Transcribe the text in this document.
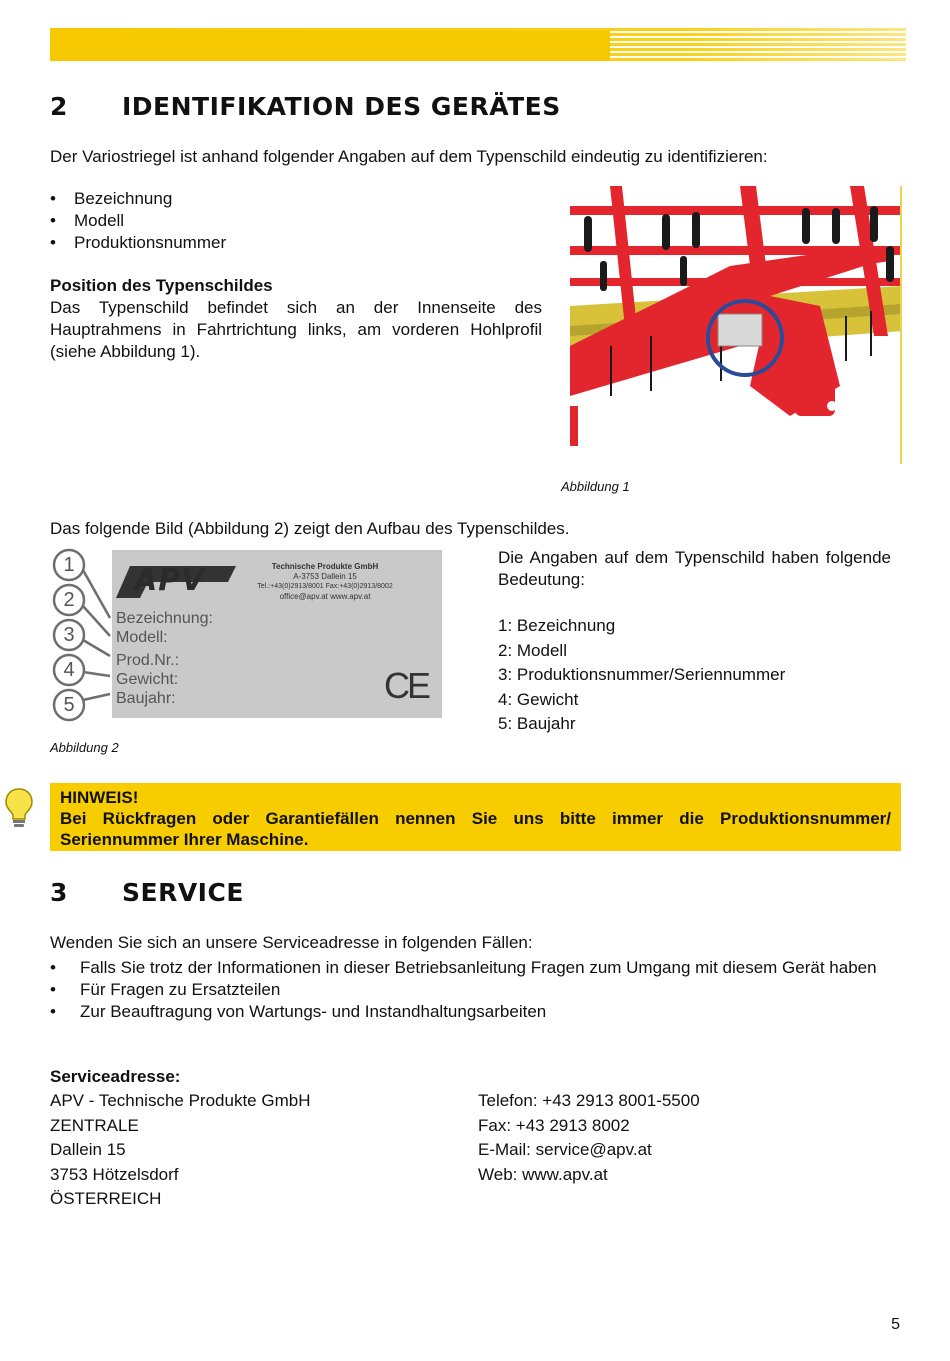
2 IDENTIFIKATION DES GERÄTES
Der Variostriegel ist anhand folgender Angaben auf dem Typenschild eindeutig zu identifizieren:
• Bezeichnung
• Modell
• Produktionsnummer
Position des Typenschildes
Das Typenschild befindet sich an der Innenseite des Hauptrahmens in Fahrtrichtung links, am vorderen Hohlprofil (siehe Abbildung 1).
Abbildung 1
Das folgende Bild (Abbildung 2) zeigt den Aufbau des Typenschildes.
1
2
3
4
5
APV	Technische Produkte GmbH
A-3753 Dallein 15
Tel.:+43(0)2913/8001 Fax:+43(0)2913/8002
office@apv.at www.apv.at
Bezeichnung:
Modell:
Prod.Nr.:
Gewicht:
Baujahr:	CE
Abbildung 2
Die Angaben auf dem Typenschild haben folgende Bedeutung:
1: Bezeichnung
2: Modell
3: Produktionsnummer/Seriennummer
4: Gewicht
5: Baujahr
HINWEIS!
Bei Rückfragen oder Garantiefällen nennen Sie uns bitte immer die Produktionsnummer/
Seriennummer Ihrer Maschine.
3 SERVICE
Wenden Sie sich an unsere Serviceadresse in folgenden Fällen:
• Falls Sie trotz der Informationen in dieser Betriebsanleitung Fragen zum Umgang mit diesem Gerät haben
• Für Fragen zu Ersatzteilen
• Zur Beauftragung von Wartungs- und Instandhaltungsarbeiten
Serviceadresse:
APV - Technische Produkte GmbH
ZENTRALE
Dallein 15
3753 Hötzelsdorf
ÖSTERREICH
Telefon: +43 2913 8001-5500
Fax: +43 2913 8002
E-Mail: service@apv.at
Web: www.apv.at
5
